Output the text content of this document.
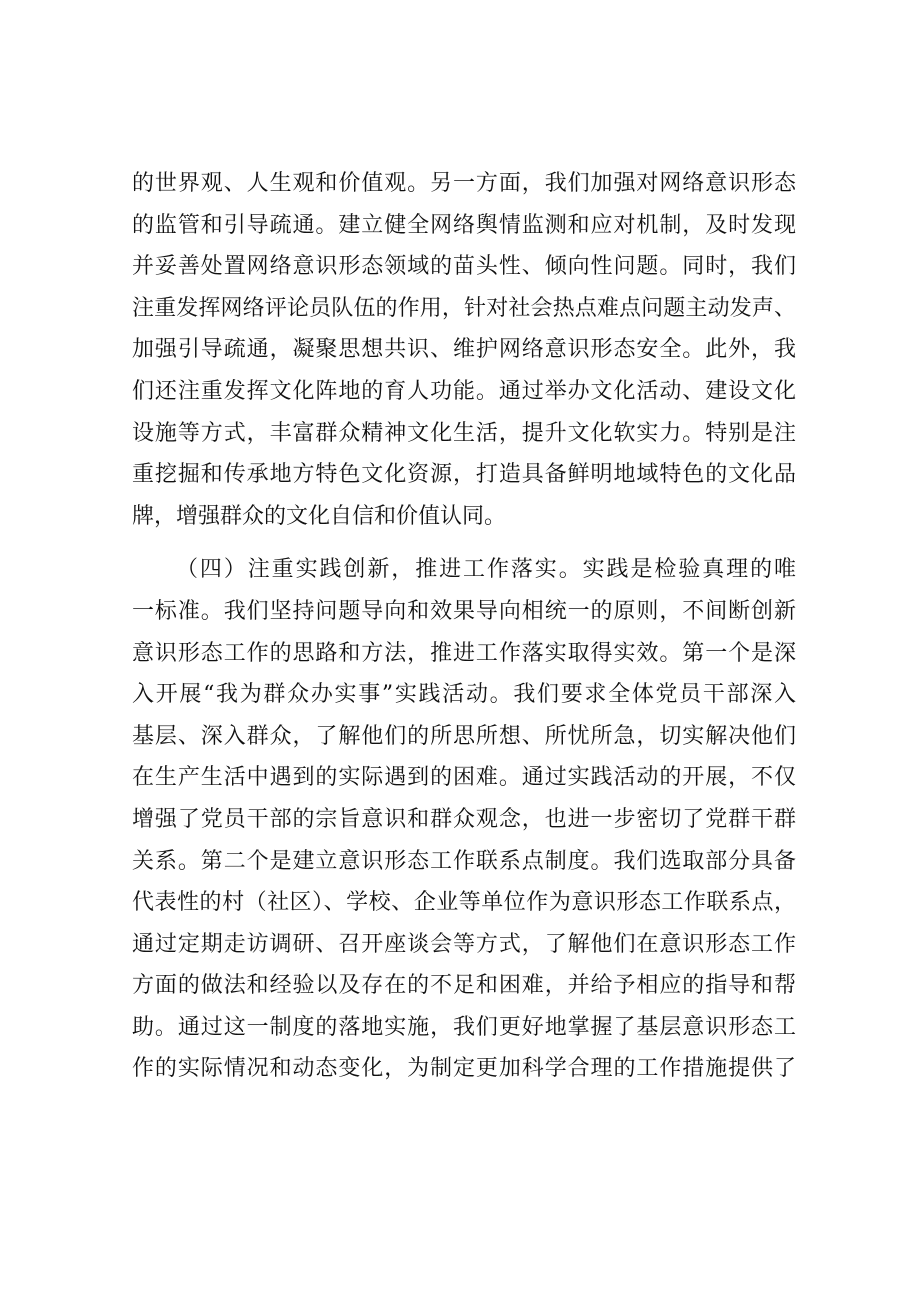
的世界观、人生观和价值观。另一方面，我们加强对网络意识形态
的监管和引导疏通。建立健全网络舆情监测和应对机制，及时发现
并妥善处置网络意识形态领域的苗头性、倾向性问题。同时，我们
注重发挥网络评论员队伍的作用，针对社会热点难点问题主动发声、
加强引导疏通，凝聚思想共识、维护网络意识形态安全。此外，我
们还注重发挥文化阵地的育人功能。通过举办文化活动、建设文化
设施等方式，丰富群众精神文化生活，提升文化软实力。特别是注
重挖掘和传承地方特色文化资源，打造具备鲜明地域特色的文化品
牌，增强群众的文化自信和价值认同。
（四）注重实践创新，推进工作落实。实践是检验真理的唯
一标准。我们坚持问题导向和效果导向相统一的原则，不间断创新
意识形态工作的思路和方法，推进工作落实取得实效。第一个是深
入开展“我为群众办实事”实践活动。我们要求全体党员干部深入
基层、深入群众，了解他们的所思所想、所忧所急，切实解决他们
在生产生活中遇到的实际遇到的困难。通过实践活动的开展，不仅
增强了党员干部的宗旨意识和群众观念，也进一步密切了党群干群
关系。第二个是建立意识形态工作联系点制度。我们选取部分具备
代表性的村（社区）、学校、企业等单位作为意识形态工作联系点，
通过定期走访调研、召开座谈会等方式，了解他们在意识形态工作
方面的做法和经验以及存在的不足和困难，并给予相应的指导和帮
助。通过这一制度的落地实施，我们更好地掌握了基层意识形态工
作的实际情况和动态变化，为制定更加科学合理的工作措施提供了
